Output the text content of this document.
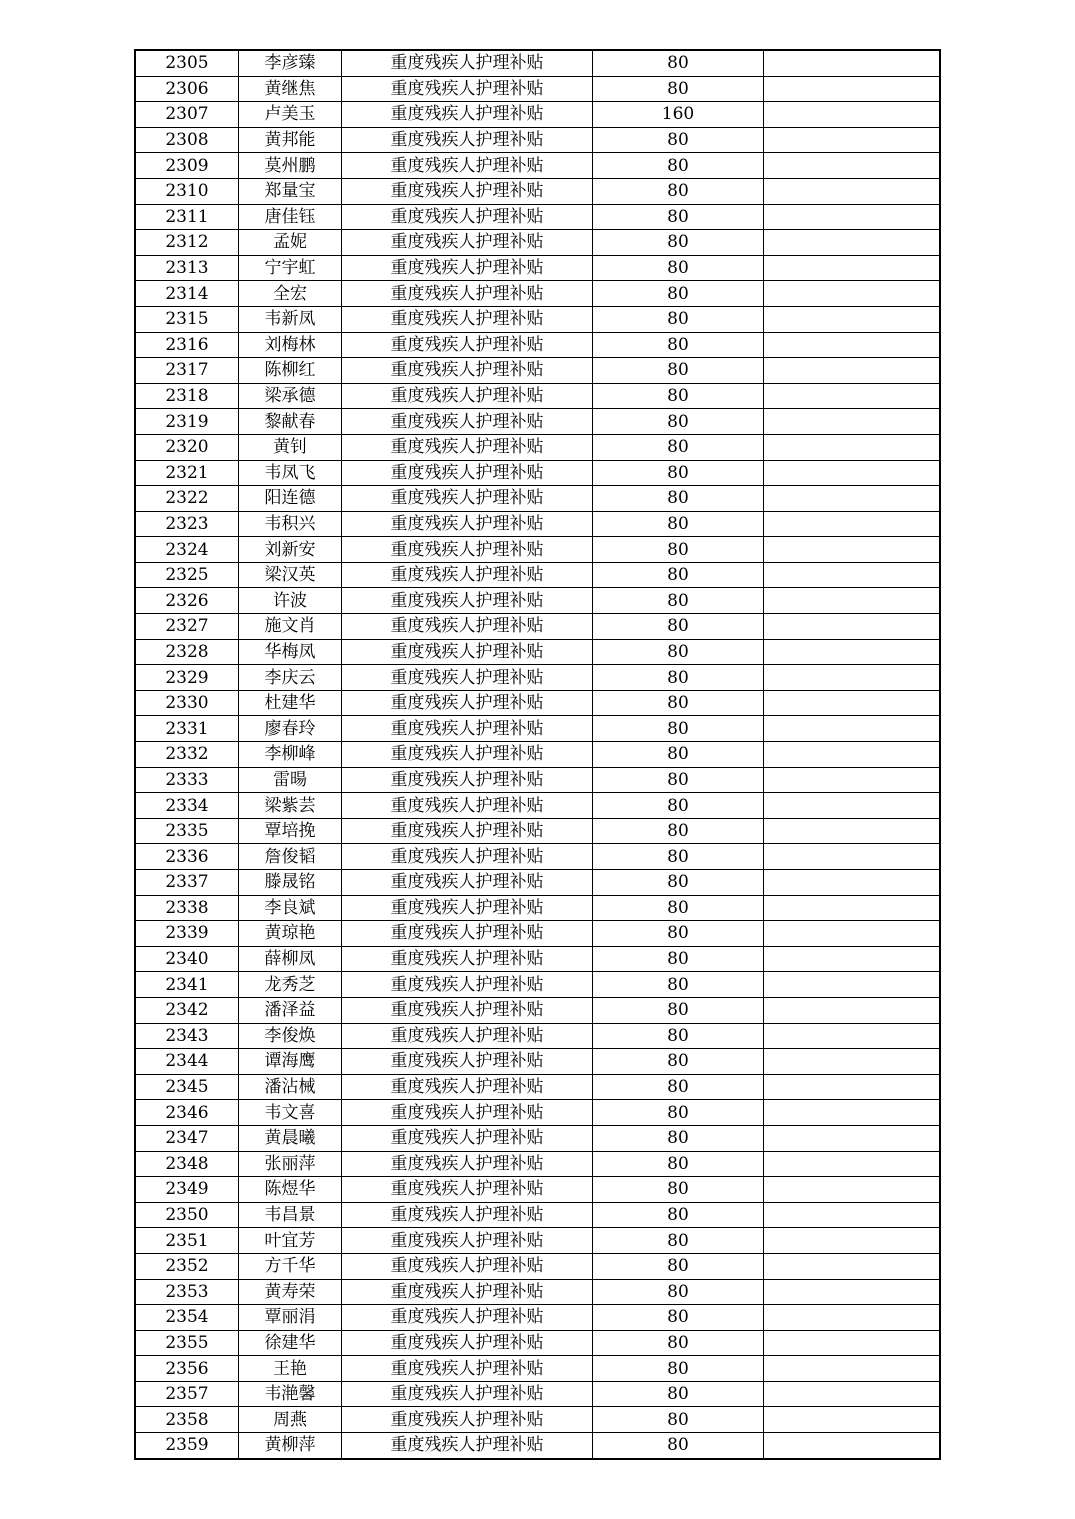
2305	李彦臻	重度残疾人护理补贴	80	
2306	黄继焦	重度残疾人护理补贴	80	
2307	卢美玉	重度残疾人护理补贴	160	
2308	黄邦能	重度残疾人护理补贴	80	
2309	莫州鹏	重度残疾人护理补贴	80	
2310	郑量宝	重度残疾人护理补贴	80	
2311	唐佳钰	重度残疾人护理补贴	80	
2312	孟妮	重度残疾人护理补贴	80	
2313	宁宇虹	重度残疾人护理补贴	80	
2314	全宏	重度残疾人护理补贴	80	
2315	韦新凤	重度残疾人护理补贴	80	
2316	刘梅林	重度残疾人护理补贴	80	
2317	陈柳红	重度残疾人护理补贴	80	
2318	梁承德	重度残疾人护理补贴	80	
2319	黎献春	重度残疾人护理补贴	80	
2320	黄钊	重度残疾人护理补贴	80	
2321	韦凤飞	重度残疾人护理补贴	80	
2322	阳连德	重度残疾人护理补贴	80	
2323	韦积兴	重度残疾人护理补贴	80	
2324	刘新安	重度残疾人护理补贴	80	
2325	梁汉英	重度残疾人护理补贴	80	
2326	许波	重度残疾人护理补贴	80	
2327	施文肖	重度残疾人护理补贴	80	
2328	华梅凤	重度残疾人护理补贴	80	
2329	李庆云	重度残疾人护理补贴	80	
2330	杜建华	重度残疾人护理补贴	80	
2331	廖春玲	重度残疾人护理补贴	80	
2332	李柳峰	重度残疾人护理补贴	80	
2333	雷暘	重度残疾人护理补贴	80	
2334	梁紫芸	重度残疾人护理补贴	80	
2335	覃培挽	重度残疾人护理补贴	80	
2336	詹俊韬	重度残疾人护理补贴	80	
2337	滕晟铭	重度残疾人护理补贴	80	
2338	李良斌	重度残疾人护理补贴	80	
2339	黄琼艳	重度残疾人护理补贴	80	
2340	薛柳凤	重度残疾人护理补贴	80	
2341	龙秀芝	重度残疾人护理补贴	80	
2342	潘泽益	重度残疾人护理补贴	80	
2343	李俊焕	重度残疾人护理补贴	80	
2344	谭海鹰	重度残疾人护理补贴	80	
2345	潘沾械	重度残疾人护理补贴	80	
2346	韦文喜	重度残疾人护理补贴	80	
2347	黄晨曦	重度残疾人护理补贴	80	
2348	张丽萍	重度残疾人护理补贴	80	
2349	陈煜华	重度残疾人护理补贴	80	
2350	韦昌景	重度残疾人护理补贴	80	
2351	叶宜芳	重度残疾人护理补贴	80	
2352	方千华	重度残疾人护理补贴	80	
2353	黄寿荣	重度残疾人护理补贴	80	
2354	覃丽涓	重度残疾人护理补贴	80	
2355	徐建华	重度残疾人护理补贴	80	
2356	王艳	重度残疾人护理补贴	80	
2357	韦滟馨	重度残疾人护理补贴	80	
2358	周燕	重度残疾人护理补贴	80	
2359	黄柳萍	重度残疾人护理补贴	80	
